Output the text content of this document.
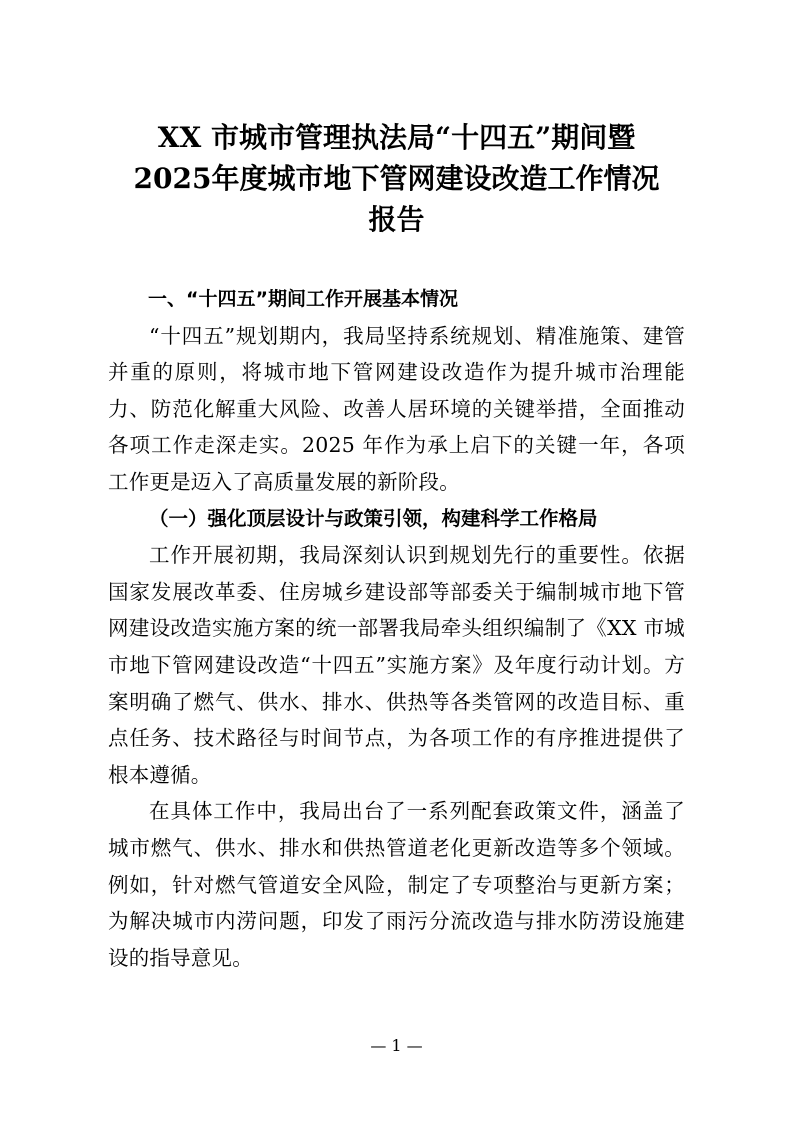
XX 市城市管理执法局“十四五”期间暨
2025年度城市地下管网建设改造工作情况
报告

一、“十四五”期间工作开展基本情况

“十四五”规划期内，我局坚持系统规划、精准施策、建管并重的原则，将城市地下管网建设改造作为提升城市治理能力、防范化解重大风险、改善人居环境的关键举措，全面推动各项工作走深走实。2025 年作为承上启下的关键一年，各项工作更是迈入了高质量发展的新阶段。

（一）强化顶层设计与政策引领，构建科学工作格局

工作开展初期，我局深刻认识到规划先行的重要性。依据国家发展改革委、住房城乡建设部等部委关于编制城市地下管网建设改造实施方案的统一部署我局牵头组织编制了《XX 市城市地下管网建设改造“十四五”实施方案》及年度行动计划。方案明确了燃气、供水、排水、供热等各类管网的改造目标、重点任务、技术路径与时间节点，为各项工作的有序推进提供了根本遵循。

在具体工作中，我局出台了一系列配套政策文件，涵盖了城市燃气、供水、排水和供热管道老化更新改造等多个领域。例如，针对燃气管道安全风险，制定了专项整治与更新方案；为解决城市内涝问题，印发了雨污分流改造与排水防涝设施建设的指导意见。

— 1 —
